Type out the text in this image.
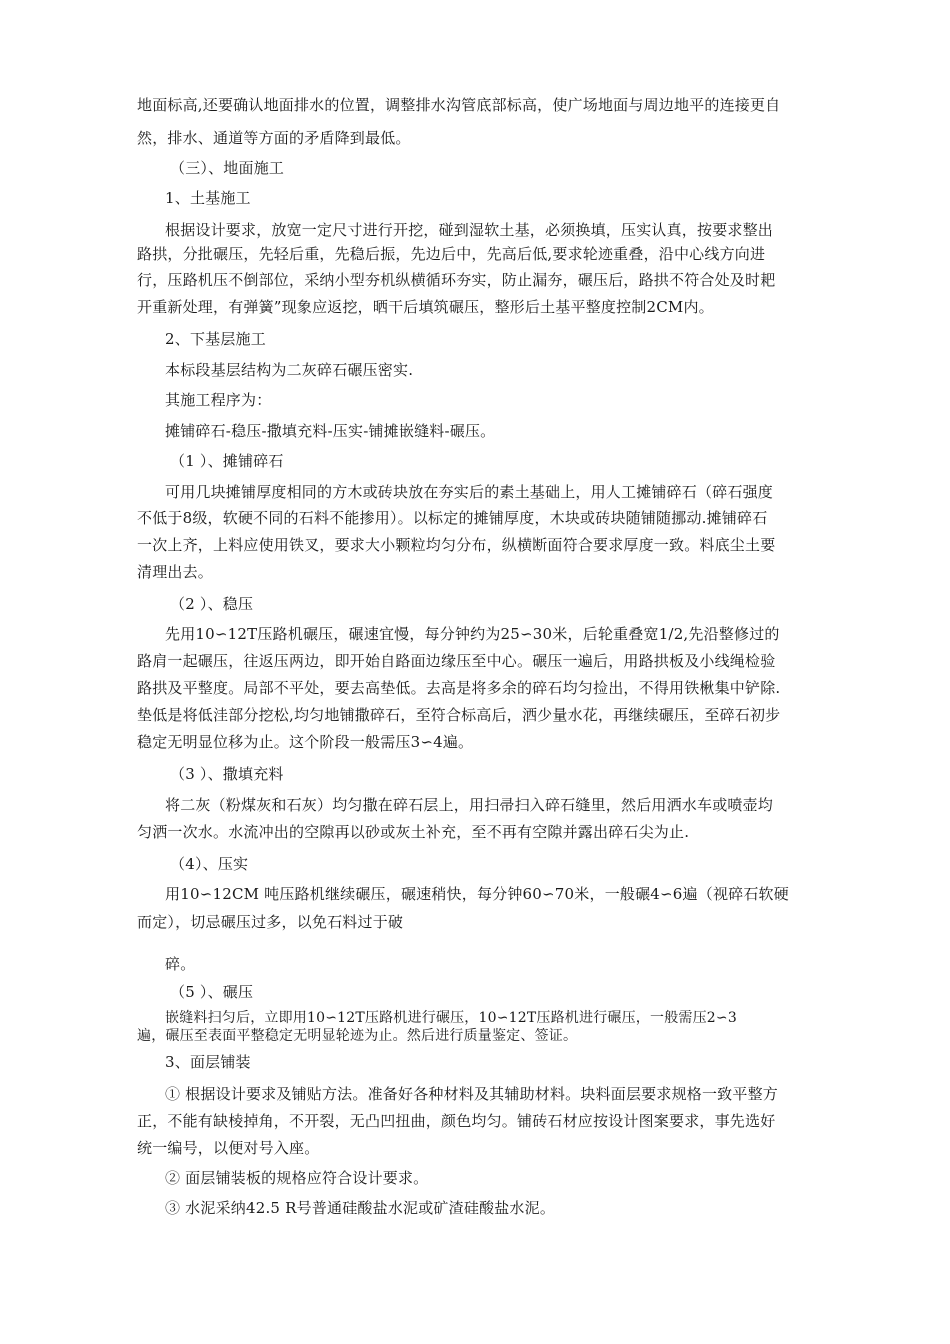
地面标高,还要确认地面排水的位置，调整排水沟管底部标高，使广场地面与周边地平的连接更自
然，排水、通道等方面的矛盾降到最低。
（三）、地面施工
1、土基施工
根据设计要求，放宽一定尺寸进行开挖，碰到湿软土基，必须换填，压实认真，按要求整出
路拱，分批碾压，先轻后重，先稳后振，先边后中，先高后低,要求轮迹重叠，沿中心线方向进
行，压路机压不倒部位，采纳小型夯机纵横循环夯实，防止漏夯，碾压后，路拱不符合处及时耙
开重新处理，有弹簧”现象应返挖，晒干后填筑碾压，整形后土基平整度控制2CM内。
2、下基层施工
本标段基层结构为二灰碎石碾压密实.
其施工程序为：
摊铺碎石-稳压-撒填充料-压实-铺摊嵌缝料-碾压。
（1 ）、摊铺碎石
可用几块摊铺厚度相同的方木或砖块放在夯实后的素土基础上，用人工摊铺碎石（碎石强度
不低于8级，软硬不同的石料不能掺用）。以标定的摊铺厚度，木块或砖块随铺随挪动.摊铺碎石
一次上齐，上料应使用铁叉，要求大小颗粒均匀分布，纵横断面符合要求厚度一致。料底尘土要
清理出去。
（2 ）、稳压
先用10∽12T压路机碾压，碾速宜慢，每分钟约为25∽30米，后轮重叠宽1/2,先沿整修过的
路肩一起碾压，往返压两边，即开始自路面边缘压至中心。碾压一遍后，用路拱板及小线绳检验
路拱及平整度。局部不平处，要去高垫低。去高是将多余的碎石均匀捡出，不得用铁楸集中铲除.
垫低是将低洼部分挖松,均匀地铺撒碎石，至符合标高后，洒少量水花，再继续碾压，至碎石初步
稳定无明显位移为止。这个阶段一般需压3∽4遍。
（3 ）、撒填充料
将二灰（粉煤灰和石灰）均匀撒在碎石层上，用扫帚扫入碎石缝里，然后用洒水车或喷壶均
匀洒一次水。水流冲出的空隙再以砂或灰土补充，至不再有空隙并露出碎石尖为止.
（4）、压实
用10∽12CM 吨压路机继续碾压，碾速稍快，每分钟60∽70米，一般碾4∽6遍（视碎石软硬
而定），切忌碾压过多，以免石料过于破
碎。
（5 ）、碾压
嵌缝料扫匀后，立即用10∽12T压路机进行碾压，10∽12T压路机进行碾压，一般需压2∽3
遍，碾压至表面平整稳定无明显轮迹为止。然后进行质量鉴定、签证。
3、面层铺装
① 根据设计要求及铺贴方法。准备好各种材料及其辅助材料。块料面层要求规格一致平整方
正，不能有缺棱掉角，不开裂，无凸凹扭曲，颜色均匀。铺砖石材应按设计图案要求，事先选好
统一编号，以便对号入座。
② 面层铺装板的规格应符合设计要求。
③ 水泥采纳42.5 R号普通硅酸盐水泥或矿渣硅酸盐水泥。
